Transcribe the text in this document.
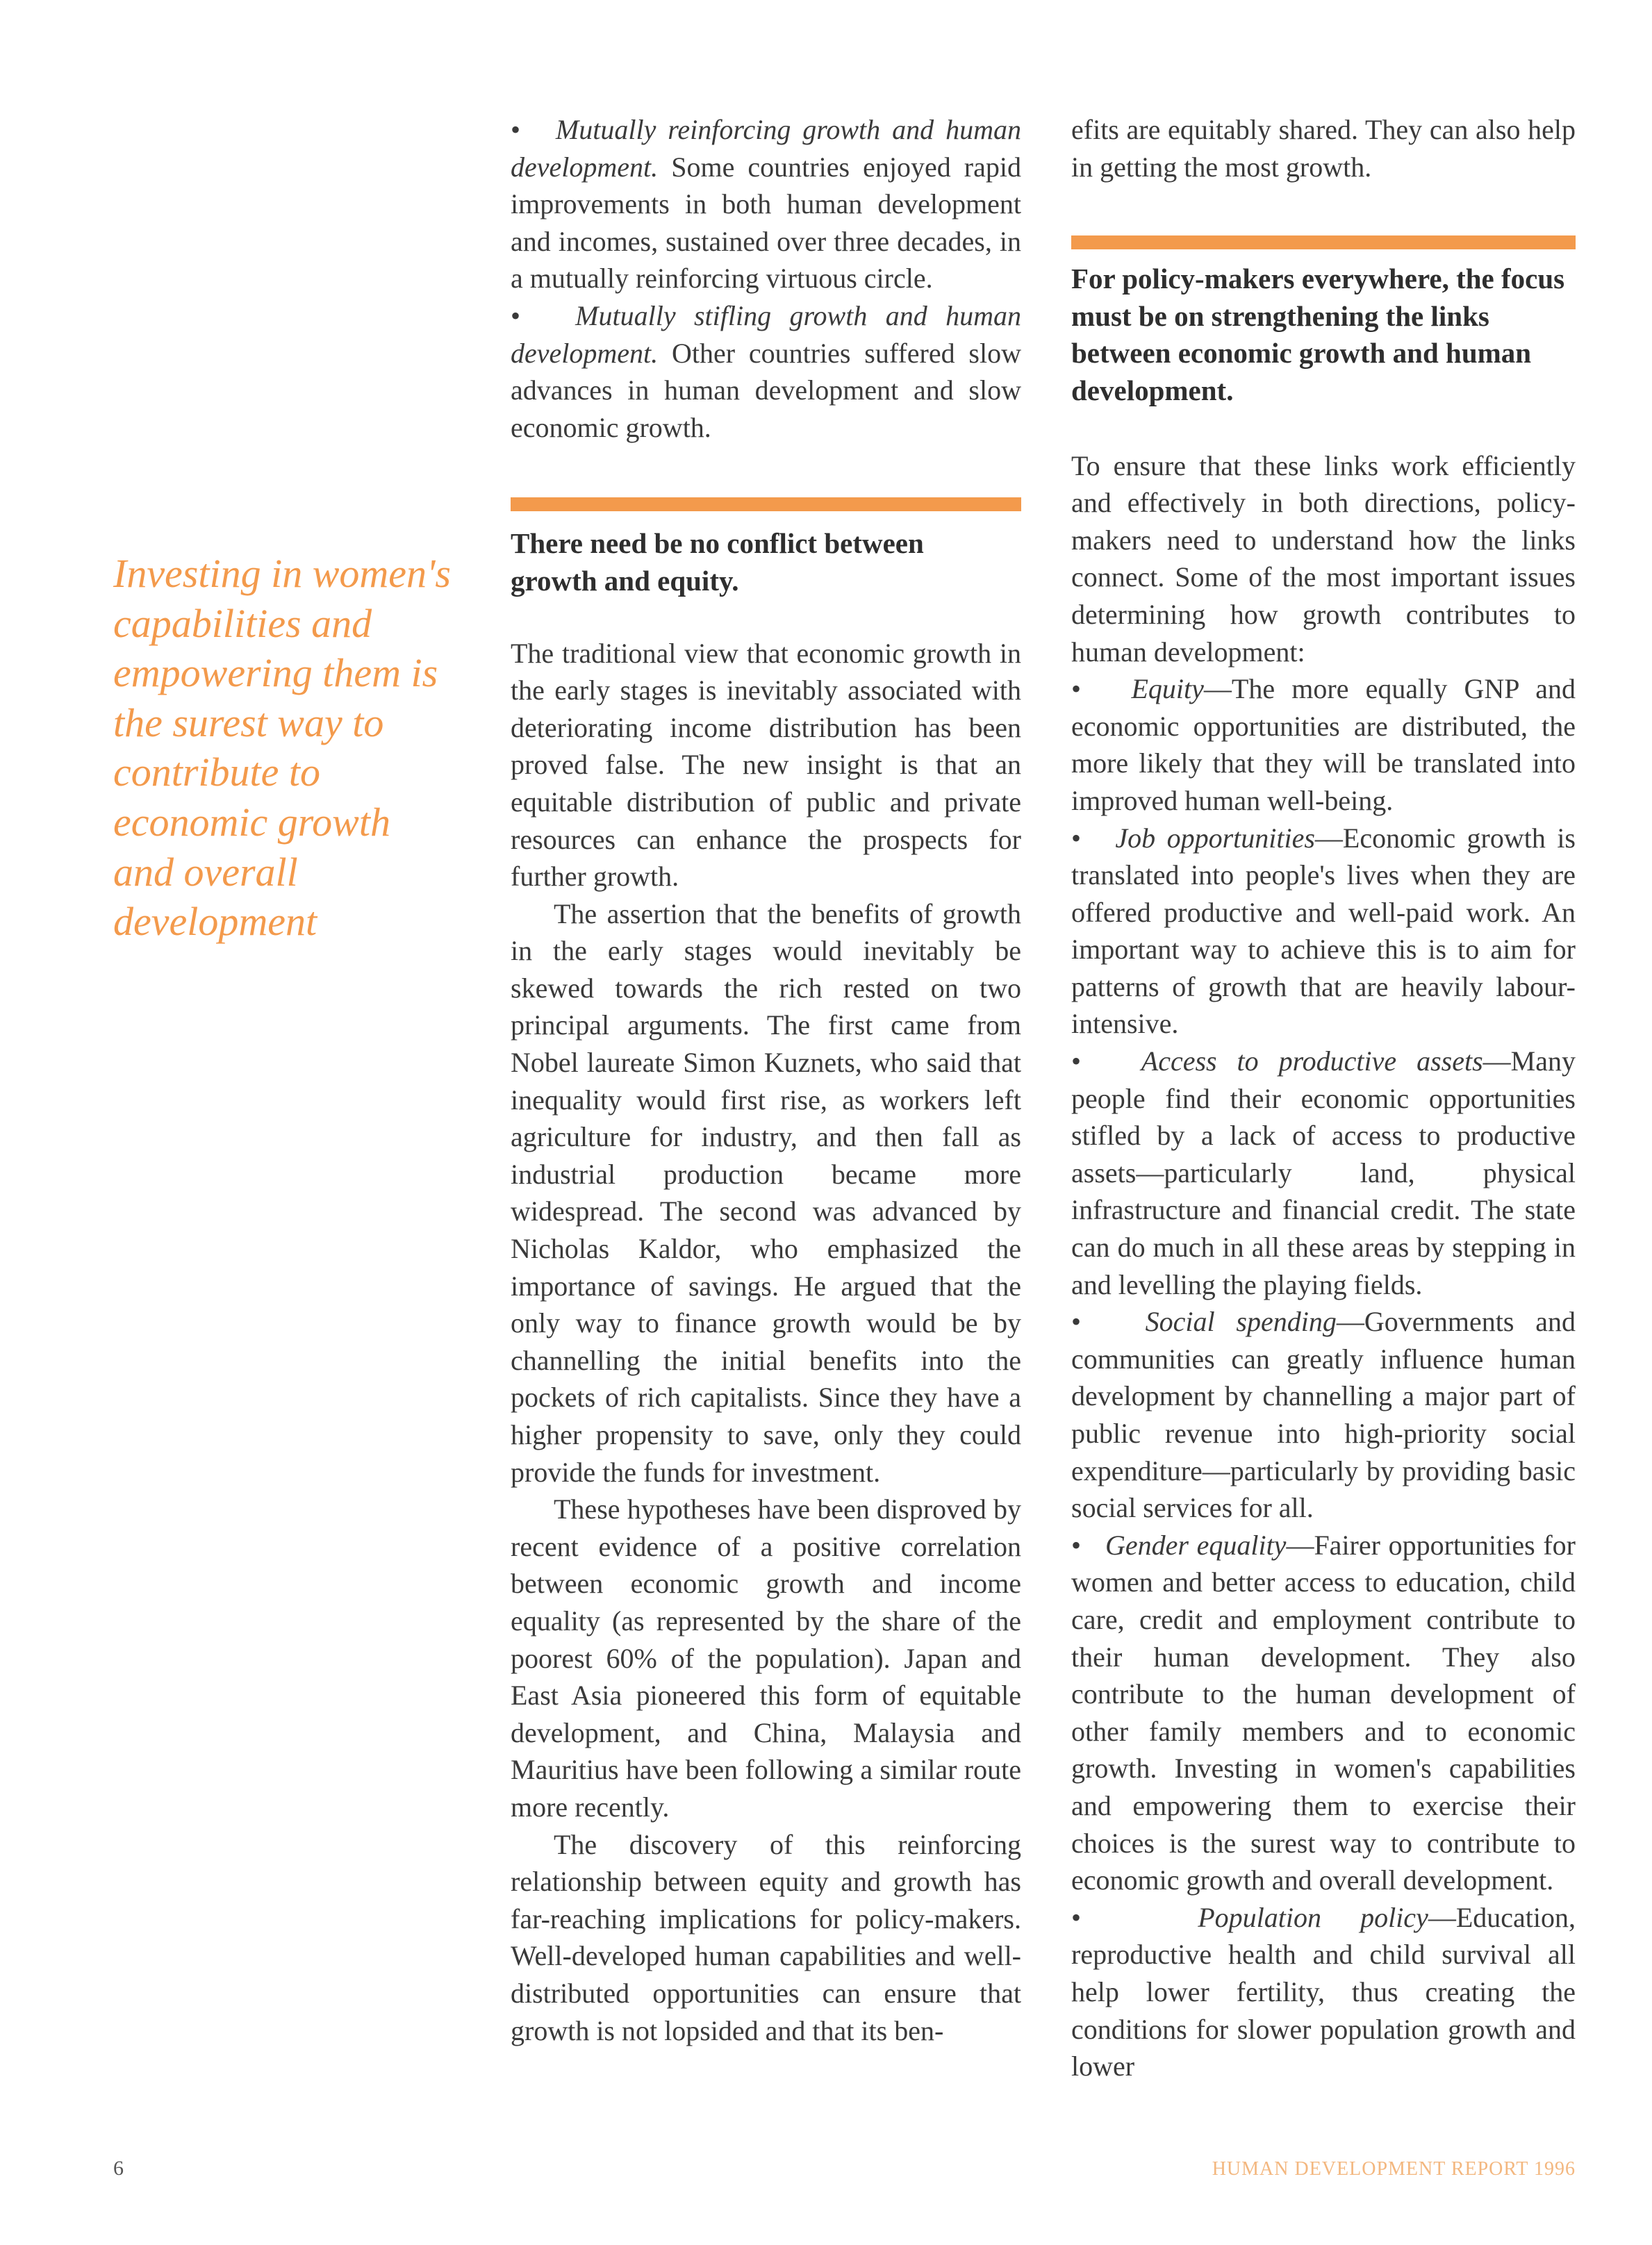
Investing in women's capabilities and empowering them is the surest way to contribute to economic growth and overall development

•   Mutually reinforcing growth and human development. Some countries enjoyed rapid improvements in both human development and incomes, sustained over three decades, in a mutually reinforcing virtuous circle.

•   Mutually stifling growth and human development. Other countries suffered slow advances in human development and slow economic growth.

There need be no conflict between growth and equity.

The traditional view that economic growth in the early stages is inevitably associated with deteriorating income distribution has been proved false. The new insight is that an equitable distribution of public and private resources can enhance the prospects for further growth.

The assertion that the benefits of growth in the early stages would inevitably be skewed towards the rich rested on two principal arguments. The first came from Nobel laureate Simon Kuznets, who said that inequality would first rise, as workers left agriculture for industry, and then fall as industrial production became more widespread. The second was advanced by Nicholas Kaldor, who emphasized the importance of savings. He argued that the only way to finance growth would be by channelling the initial benefits into the pockets of rich capitalists. Since they have a higher propensity to save, only they could provide the funds for investment.

These hypotheses have been disproved by recent evidence of a positive correlation between economic growth and income equality (as represented by the share of the poorest 60% of the population). Japan and East Asia pioneered this form of equitable development, and China, Malaysia and Mauritius have been following a similar route more recently.

The discovery of this reinforcing relationship between equity and growth has far-reaching implications for policy-makers. Well-developed human capabilities and well-distributed opportunities can ensure that growth is not lopsided and that its ben-

efits are equitably shared. They can also help in getting the most growth.

For policy-makers everywhere, the focus must be on strengthening the links between economic growth and human development.

To ensure that these links work efficiently and effectively in both directions, policy-makers need to understand how the links connect. Some of the most important issues determining how growth contributes to human development:

•   Equity—The more equally GNP and economic opportunities are distributed, the more likely that they will be translated into improved human well-being.

•   Job opportunities—Economic growth is translated into people's lives when they are offered productive and well-paid work. An important way to achieve this is to aim for patterns of growth that are heavily labour-intensive.

•   Access to productive assets—Many people find their economic opportunities stifled by a lack of access to productive assets—particularly land, physical infrastructure and financial credit. The state can do much in all these areas by stepping in and levelling the playing fields.

•   Social spending—Governments and communities can greatly influence human development by channelling a major part of public revenue into high-priority social expenditure—particularly by providing basic social services for all.

•   Gender equality—Fairer opportunities for women and better access to education, child care, credit and employment contribute to their human development. They also contribute to the human development of other family members and to economic growth. Investing in women's capabilities and empowering them to exercise their choices is the surest way to contribute to economic growth and overall development.

•   Population policy—Education, reproductive health and child survival all help lower fertility, thus creating the conditions for slower population growth and lower

6	HUMAN DEVELOPMENT REPORT 1996
